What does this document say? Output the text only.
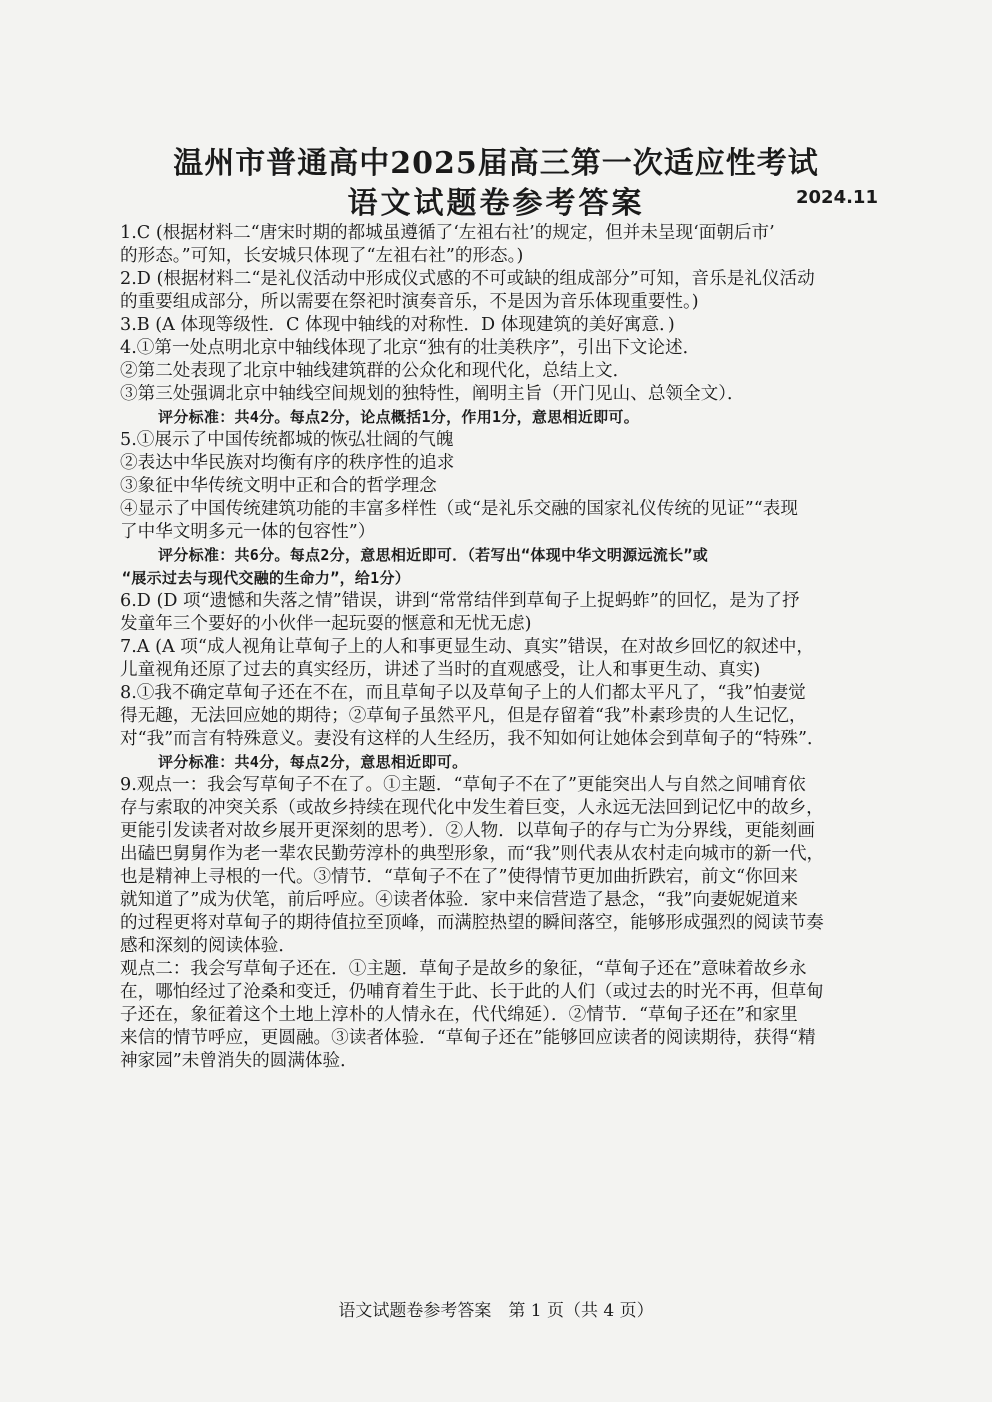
温州市普通高中2025届高三第一次适应性考试
语文试题卷参考答案	2024.11
1.C (根据材料二“唐宋时期的都城虽遵循了‘左祖右社’的规定，但并未呈现‘面朝后市’
的形态。”可知，长安城只体现了“左祖右社”的形态。)
2.D (根据材料二“是礼仪活动中形成仪式感的不可或缺的组成部分”可知，音乐是礼仪活动
的重要组成部分，所以需要在祭祀时演奏音乐，不是因为音乐体现重要性。)
3.B (A 体现等级性．C 体现中轴线的对称性．D 体现建筑的美好寓意．)
4.①第一处点明北京中轴线体现了北京“独有的壮美秩序”，引出下文论述．
②第二处表现了北京中轴线建筑群的公众化和现代化，总结上文．
③第三处强调北京中轴线空间规划的独特性，阐明主旨（开门见山、总领全文）．
评分标准：共4分。每点2分，论点概括1分，作用1分，意思相近即可。
5.①展示了中国传统都城的恢弘壮阔的气魄
②表达中华民族对均衡有序的秩序性的追求
③象征中华传统文明中正和合的哲学理念
④显示了中国传统建筑功能的丰富多样性（或“是礼乐交融的国家礼仪传统的见证”“表现
了中华文明多元一体的包容性”）
评分标准：共6分。每点2分，意思相近即可．（若写出“体现中华文明源远流长”或
“展示过去与现代交融的生命力”，给1分）
6.D (D 项“遗憾和失落之情”错误，讲到“常常结伴到草甸子上捉蚂蚱”的回忆，是为了抒
发童年三个要好的小伙伴一起玩耍的惬意和无忧无虑)
7.A (A 项“成人视角让草甸子上的人和事更显生动、真实”错误，在对故乡回忆的叙述中，
儿童视角还原了过去的真实经历，讲述了当时的直观感受，让人和事更生动、真实)
8.①我不确定草甸子还在不在，而且草甸子以及草甸子上的人们都太平凡了，“我”怕妻觉
得无趣，无法回应她的期待；②草甸子虽然平凡，但是存留着“我”朴素珍贵的人生记忆，
对“我”而言有特殊意义。妻没有这样的人生经历，我不知如何让她体会到草甸子的“特殊”．
评分标准：共4分，每点2分，意思相近即可。
9.观点一：我会写草甸子不在了。①主题．“草甸子不在了”更能突出人与自然之间哺育依
存与索取的冲突关系（或故乡持续在现代化中发生着巨变，人永远无法回到记忆中的故乡，
更能引发读者对故乡展开更深刻的思考）．②人物．以草甸子的存与亡为分界线，更能刻画
出磕巴舅舅作为老一辈农民勤劳淳朴的典型形象，而“我”则代表从农村走向城市的新一代，
也是精神上寻根的一代。③情节．“草甸子不在了”使得情节更加曲折跌宕，前文“你回来
就知道了”成为伏笔，前后呼应。④读者体验．家中来信营造了悬念，“我”向妻妮妮道来
的过程更将对草甸子的期待值拉至顶峰，而满腔热望的瞬间落空，能够形成强烈的阅读节奏
感和深刻的阅读体验．
观点二：我会写草甸子还在．①主题．草甸子是故乡的象征，“草甸子还在”意味着故乡永
在，哪怕经过了沧桑和变迁，仍哺育着生于此、长于此的人们（或过去的时光不再，但草甸
子还在，象征着这个土地上淳朴的人情永在，代代绵延）．②情节．“草甸子还在”和家里
来信的情节呼应，更圆融。③读者体验．“草甸子还在”能够回应读者的阅读期待，获得“精
神家园”未曾消失的圆满体验．
语文试题卷参考答案　第 1 页（共 4 页）
